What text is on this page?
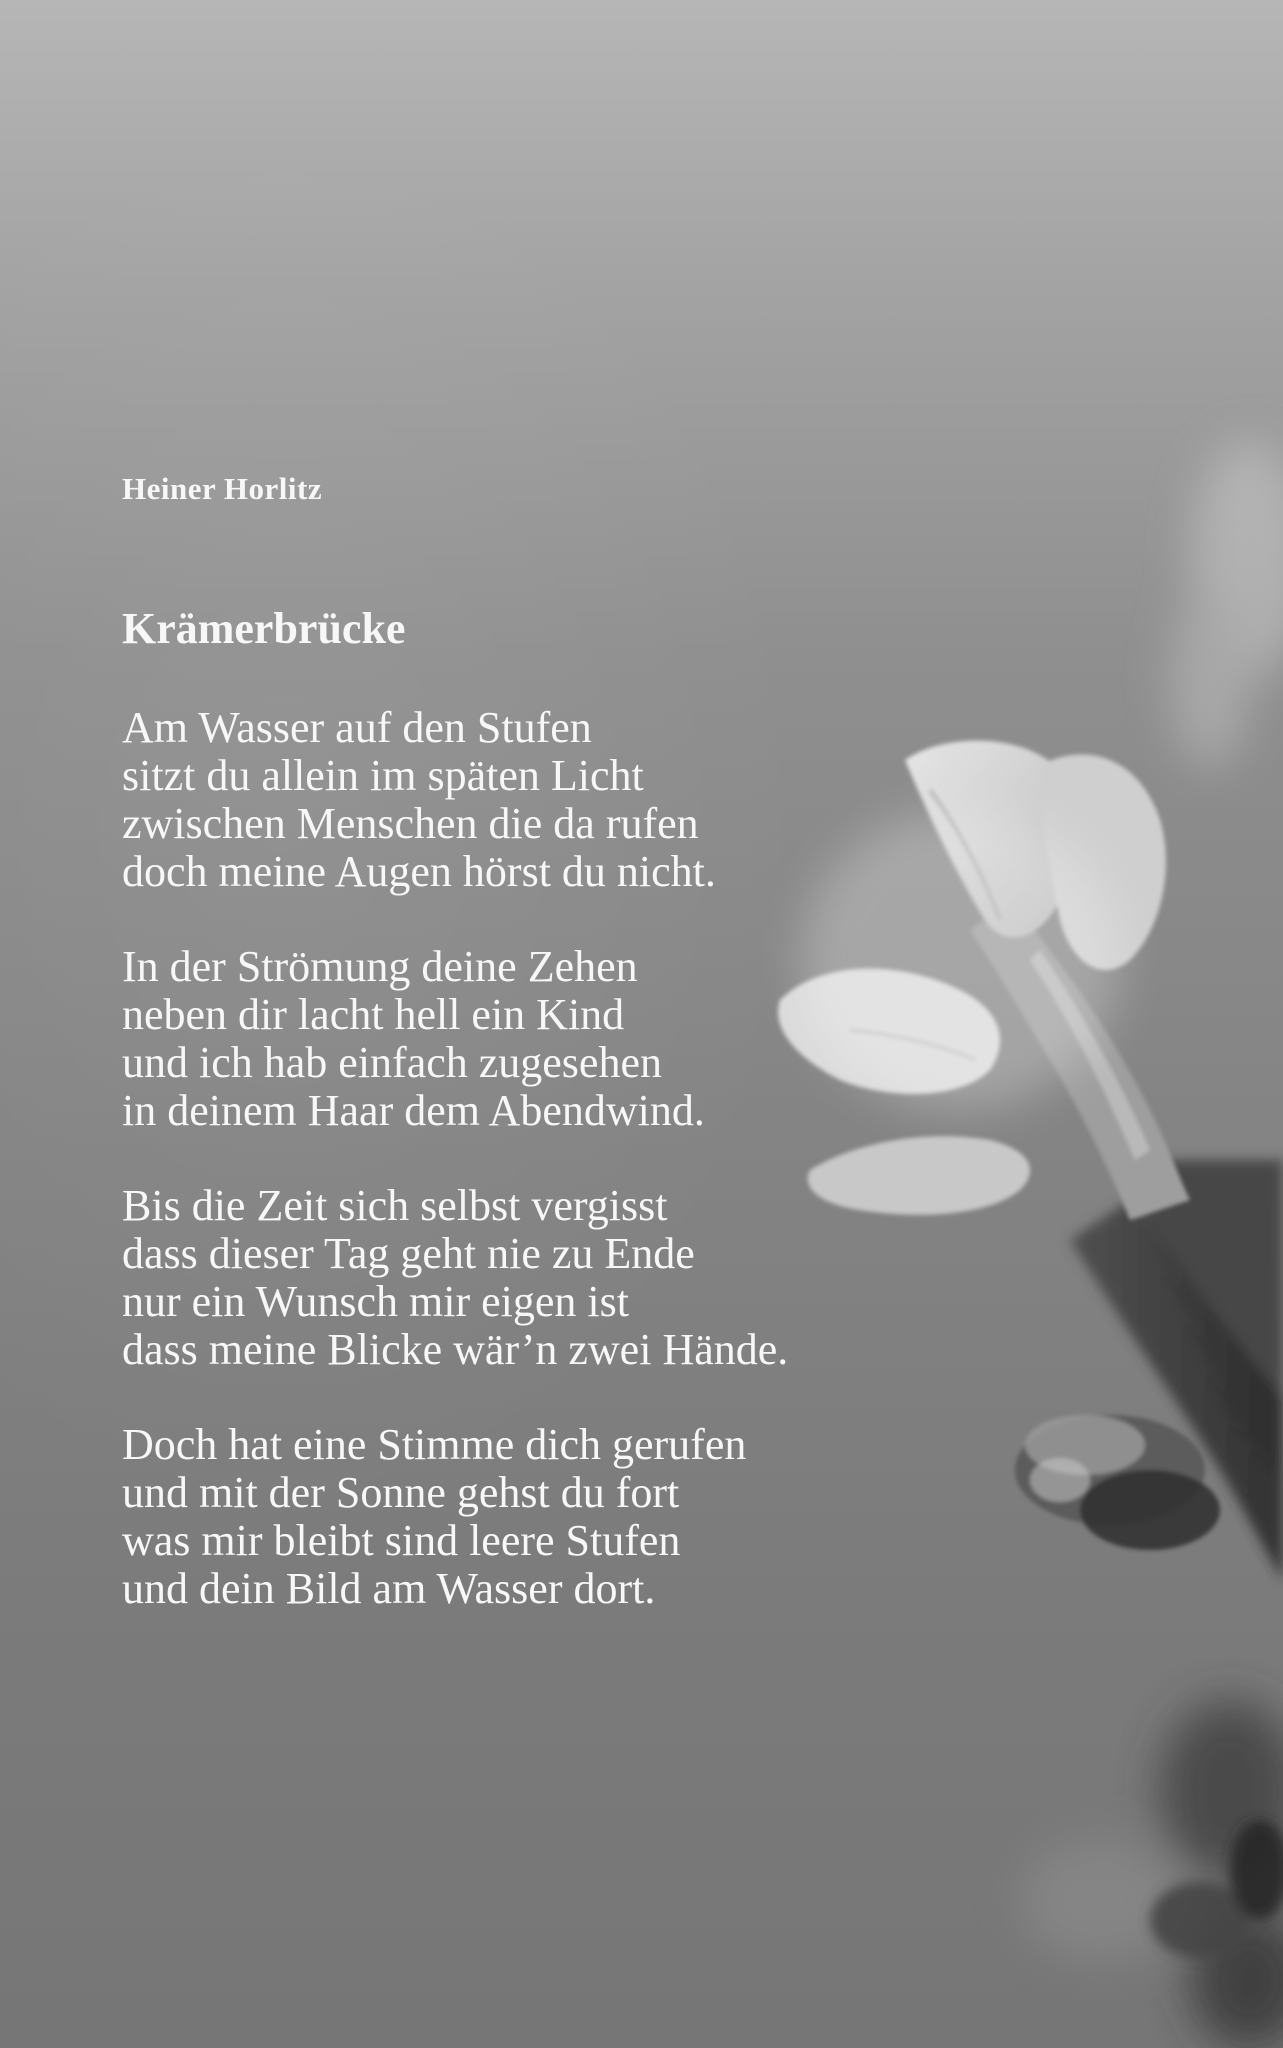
Heiner Horlitz
Krämerbrücke
Am Wasser auf den Stufen
sitzt du allein im späten Licht
zwischen Menschen die da rufen
doch meine Augen hörst du nicht.
In der Strömung deine Zehen
neben dir lacht hell ein Kind
und ich hab einfach zugesehen
in deinem Haar dem Abendwind.
Bis die Zeit sich selbst vergisst
dass dieser Tag geht nie zu Ende
nur ein Wunsch mir eigen ist
dass meine Blicke wär’n zwei Hände.
Doch hat eine Stimme dich gerufen
und mit der Sonne gehst du fort
was mir bleibt sind leere Stufen
und dein Bild am Wasser dort.
